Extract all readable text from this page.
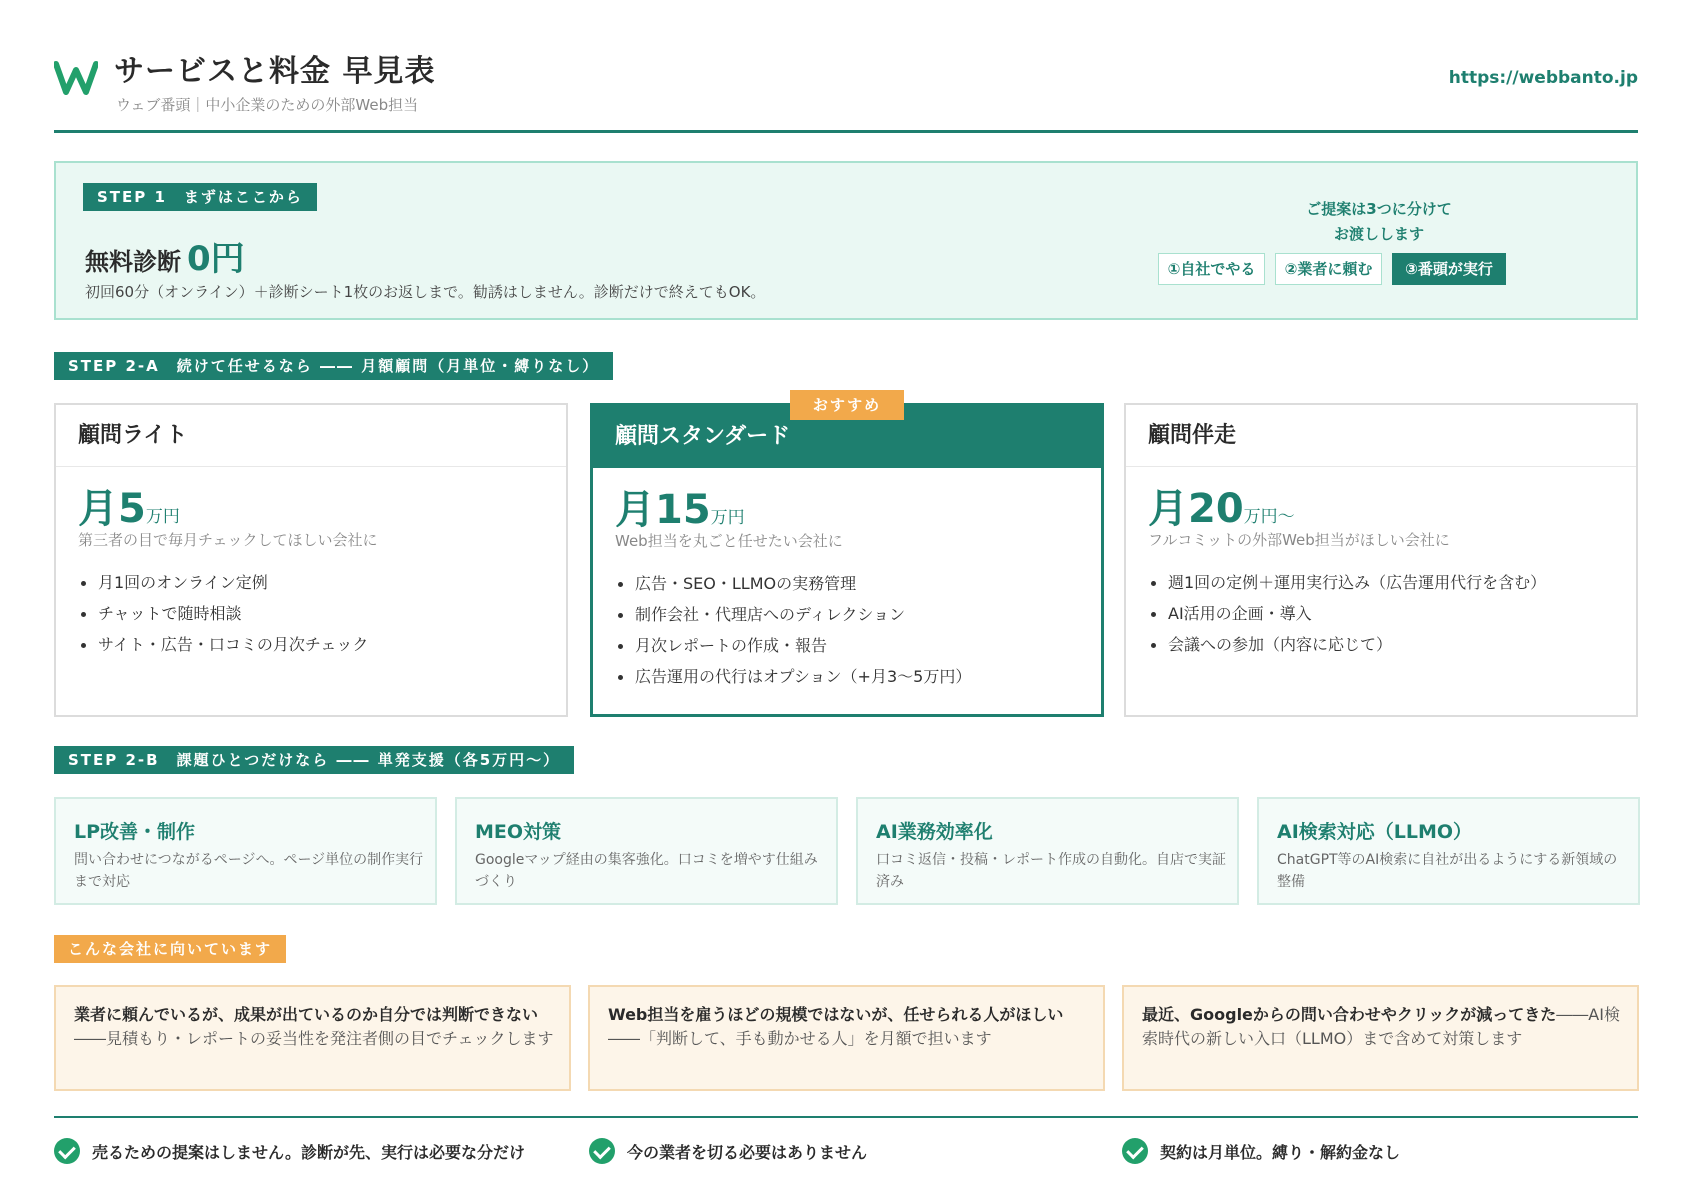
サービスと料金 早見表
ウェブ番頭｜中小企業のための外部Web担当
https://webbanto.jp
STEP 1　まずはここから
無料診断 0円
初回60分（オンライン）＋診断シート1枚のお返しまで。勧誘はしません。診断だけで終えてもOK。
ご提案は3つに分けて
お渡しします
①自社でやる	②業者に頼む	③番頭が実行
STEP 2-A　続けて任せるなら ―― 月額顧問（月単位・縛りなし）
おすすめ
顧問ライト
月5万円
第三者の目で毎月チェックしてほしい会社に
月1回のオンライン定例
チャットで随時相談
サイト・広告・口コミの月次チェック
顧問スタンダード
月15万円
Web担当を丸ごと任せたい会社に
広告・SEO・LLMOの実務管理
制作会社・代理店へのディレクション
月次レポートの作成・報告
広告運用の代行はオプション（+月3〜5万円）
顧問伴走
月20万円〜
フルコミットの外部Web担当がほしい会社に
週1回の定例＋運用実行込み（広告運用代行を含む）
AI活用の企画・導入
会議への参加（内容に応じて）
STEP 2-B　課題ひとつだけなら ―― 単発支援（各5万円〜）
LP改善・制作
問い合わせにつながるページへ。ページ単位の制作実行まで対応
MEO対策
Googleマップ経由の集客強化。口コミを増やす仕組みづくり
AI業務効率化
口コミ返信・投稿・レポート作成の自動化。自店で実証済み
AI検索対応（LLMO）
ChatGPT等のAI検索に自社が出るようにする新領域の整備
こんな会社に向いています
業者に頼んでいるが、成果が出ているのか自分では判断できない――見積もり・レポートの妥当性を発注者側の目でチェックします
Web担当を雇うほどの規模ではないが、任せられる人がほしい――「判断して、手も動かせる人」を月額で担います
最近、Googleからの問い合わせやクリックが減ってきた――AI検索時代の新しい入口（LLMO）まで含めて対策します
売るための提案はしません。診断が先、実行は必要な分だけ	今の業者を切る必要はありません	契約は月単位。縛り・解約金なし
